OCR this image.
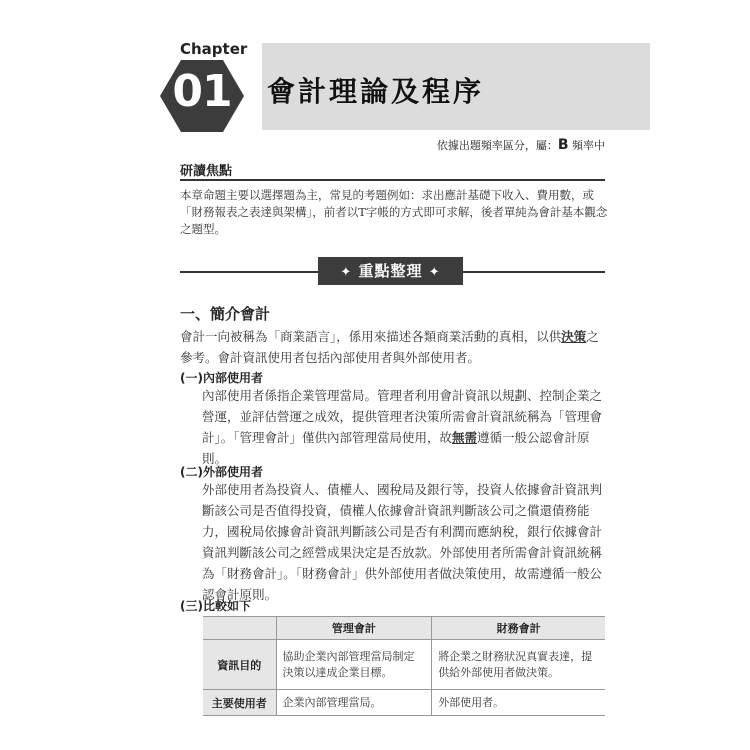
Chapter
01	會計理論及程序
依據出題頻率區分，屬：B 頻率中
研讀焦點
本章命題主要以選擇題為主，常見的考題例如：求出應計基礎下收入、費用數，或「財務報表之表達與架構」，前者以T字帳的方式即可求解，後者單純為會計基本觀念之題型。
✦ 重點整理 ✦
一、簡介會計
會計一向被稱為「商業語言」，係用來描述各類商業活動的真相，以供決策之參考。會計資訊使用者包括內部使用者與外部使用者。
(一)內部使用者
內部使用者係指企業管理當局。管理者利用會計資訊以規劃、控制企業之營運，並評估營運之成效，提供管理者決策所需會計資訊統稱為「管理會計」。「管理會計」僅供內部管理當局使用，故無需遵循一般公認會計原則。
(二)外部使用者
外部使用者為投資人、債權人、國稅局及銀行等，投資人依據會計資訊判斷該公司是否值得投資，債權人依據會計資訊判斷該公司之償還債務能力，國稅局依據會計資訊判斷該公司是否有利潤而應納稅，銀行依據會計資訊判斷該公司之經營成果決定是否放款。外部使用者所需會計資訊統稱為「財務會計」。「財務會計」供外部使用者做決策使用，故需遵循一般公認會計原則。
(三)比較如下
	管理會計	財務會計
資訊目的	協助企業內部管理當局制定決策以達成企業目標。	將企業之財務狀況真實表達，提供給外部使用者做決策。
主要使用者	企業內部管理當局。	外部使用者。
